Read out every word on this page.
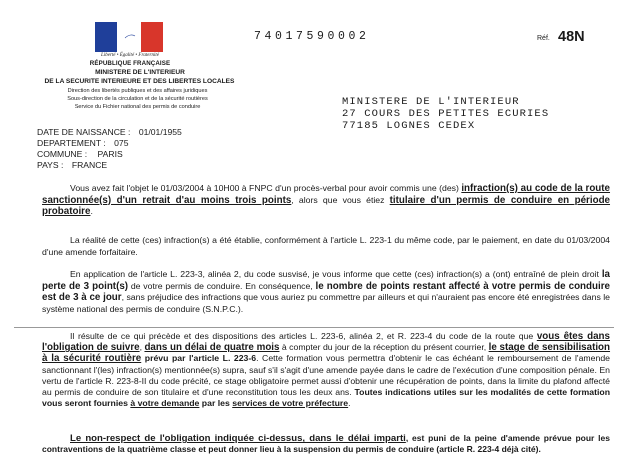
Liberté • Égalité • Fraternité
RÉPUBLIQUE FRANÇAISE
MINISTERE DE L'INTERIEUR
DE LA SECURITE INTERIEURE ET DES LIBERTES LOCALES
Direction des libertés publiques et des affaires juridiques
Sous-direction de la circulation et de la sécurité routières
Service du Fichier national des permis de conduire
74017590002	Réf. 48N
MINISTERE DE L'INTERIEUR
27 COURS DES PETITES ECURIES
77185 LOGNES CEDEX
DATE DE NAISSANCE : 01/01/1955
DEPARTEMENT : 075
COMMUNE : PARIS
PAYS : FRANCE
Vous avez fait l'objet le 01/03/2004 à 10H00 à FNPC d'un procès-verbal pour avoir commis une (des) infraction(s) au code de la route sanctionnée(s) d'un retrait d'au moins trois points, alors que vous étiez titulaire d'un permis de conduire en période probatoire.
La réalité de cette (ces) infraction(s) a été établie, conformément à l'article L. 223-1 du même code, par le paiement, en date du 01/03/2004 d'une amende forfaitaire.
En application de l'article L. 223-3, alinéa 2, du code susvisé, je vous informe que cette (ces) infraction(s) a (ont) entraîné de plein droit la perte de 3 point(s) de votre permis de conduire. En conséquence, le nombre de points restant affecté à votre permis de conduire est de 3 à ce jour, sans préjudice des infractions que vous auriez pu commettre par ailleurs et qui n'auraient pas encore été enregistrées dans le système national des permis de conduire (S.N.P.C.).
Il résulte de ce qui précède et des dispositions des articles L. 223-6, alinéa 2, et R. 223-4 du code de la route que vous êtes dans l'obligation de suivre, dans un délai de quatre mois à compter du jour de la réception du présent courrier, le stage de sensibilisation à la sécurité routière prévu par l'article L. 223-6. Cette formation vous permettra d'obtenir le cas échéant le remboursement de l'amende sanctionnant l'(les) infraction(s) mentionnée(s) supra, sauf s'il s'agit d'une amende payée dans le cadre de l'exécution d'une composition pénale. En vertu de l'article R. 223-8-II du code précité, ce stage obligatoire permet aussi d'obtenir une récupération de points, dans la limite du plafond affecté au permis de conduire de son titulaire et d'une reconstitution tous les deux ans. Toutes indications utiles sur les modalités de cette formation vous seront fournies à votre demande par les services de votre préfecture.
Le non-respect de l'obligation indiquée ci-dessus, dans le délai imparti, est puni de la peine d'amende prévue pour les contraventions de la quatrième classe et peut donner lieu à la suspension du permis de conduire (article R. 223-4 déjà cité).
